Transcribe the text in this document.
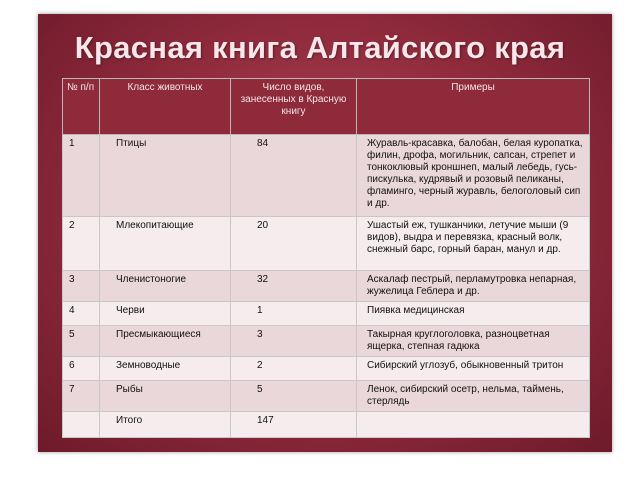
Красная книга Алтайского края
№ п/п	Класс животных	Число видов, занесенных в Красную книгу	Примеры
1	Птицы	84	Журавль-красавка, балобан, белая куропатка, филин, дрофа, могильник, сапсан, стрепет и тонкоклювый кроншнеп, малый лебедь, гусь-пискулька, кудрявый и розовый пеликаны, фламинго, черный журавль, белоголовый сип и др.
2	Млекопитающие	20	Ушастый еж, тушканчики, летучие мыши (9 видов), выдра и перевязка, красный волк, снежный барс, горный баран, манул и др.
3	Членистоногие	32	Аскалаф пестрый, перламутровка непарная, жужелица Геблера и др.
4	Черви	1	Пиявка медицинская
5	Пресмыкающиеся	3	Такырная круглоголовка, разноцветная ящерка, степная гадюка
6	Земноводные	2	Сибирский углозуб, обыкновенный тритон
7	Рыбы	5	Ленок, сибирский осетр, нельма, таймень, стерлядь
	Итого	147	
